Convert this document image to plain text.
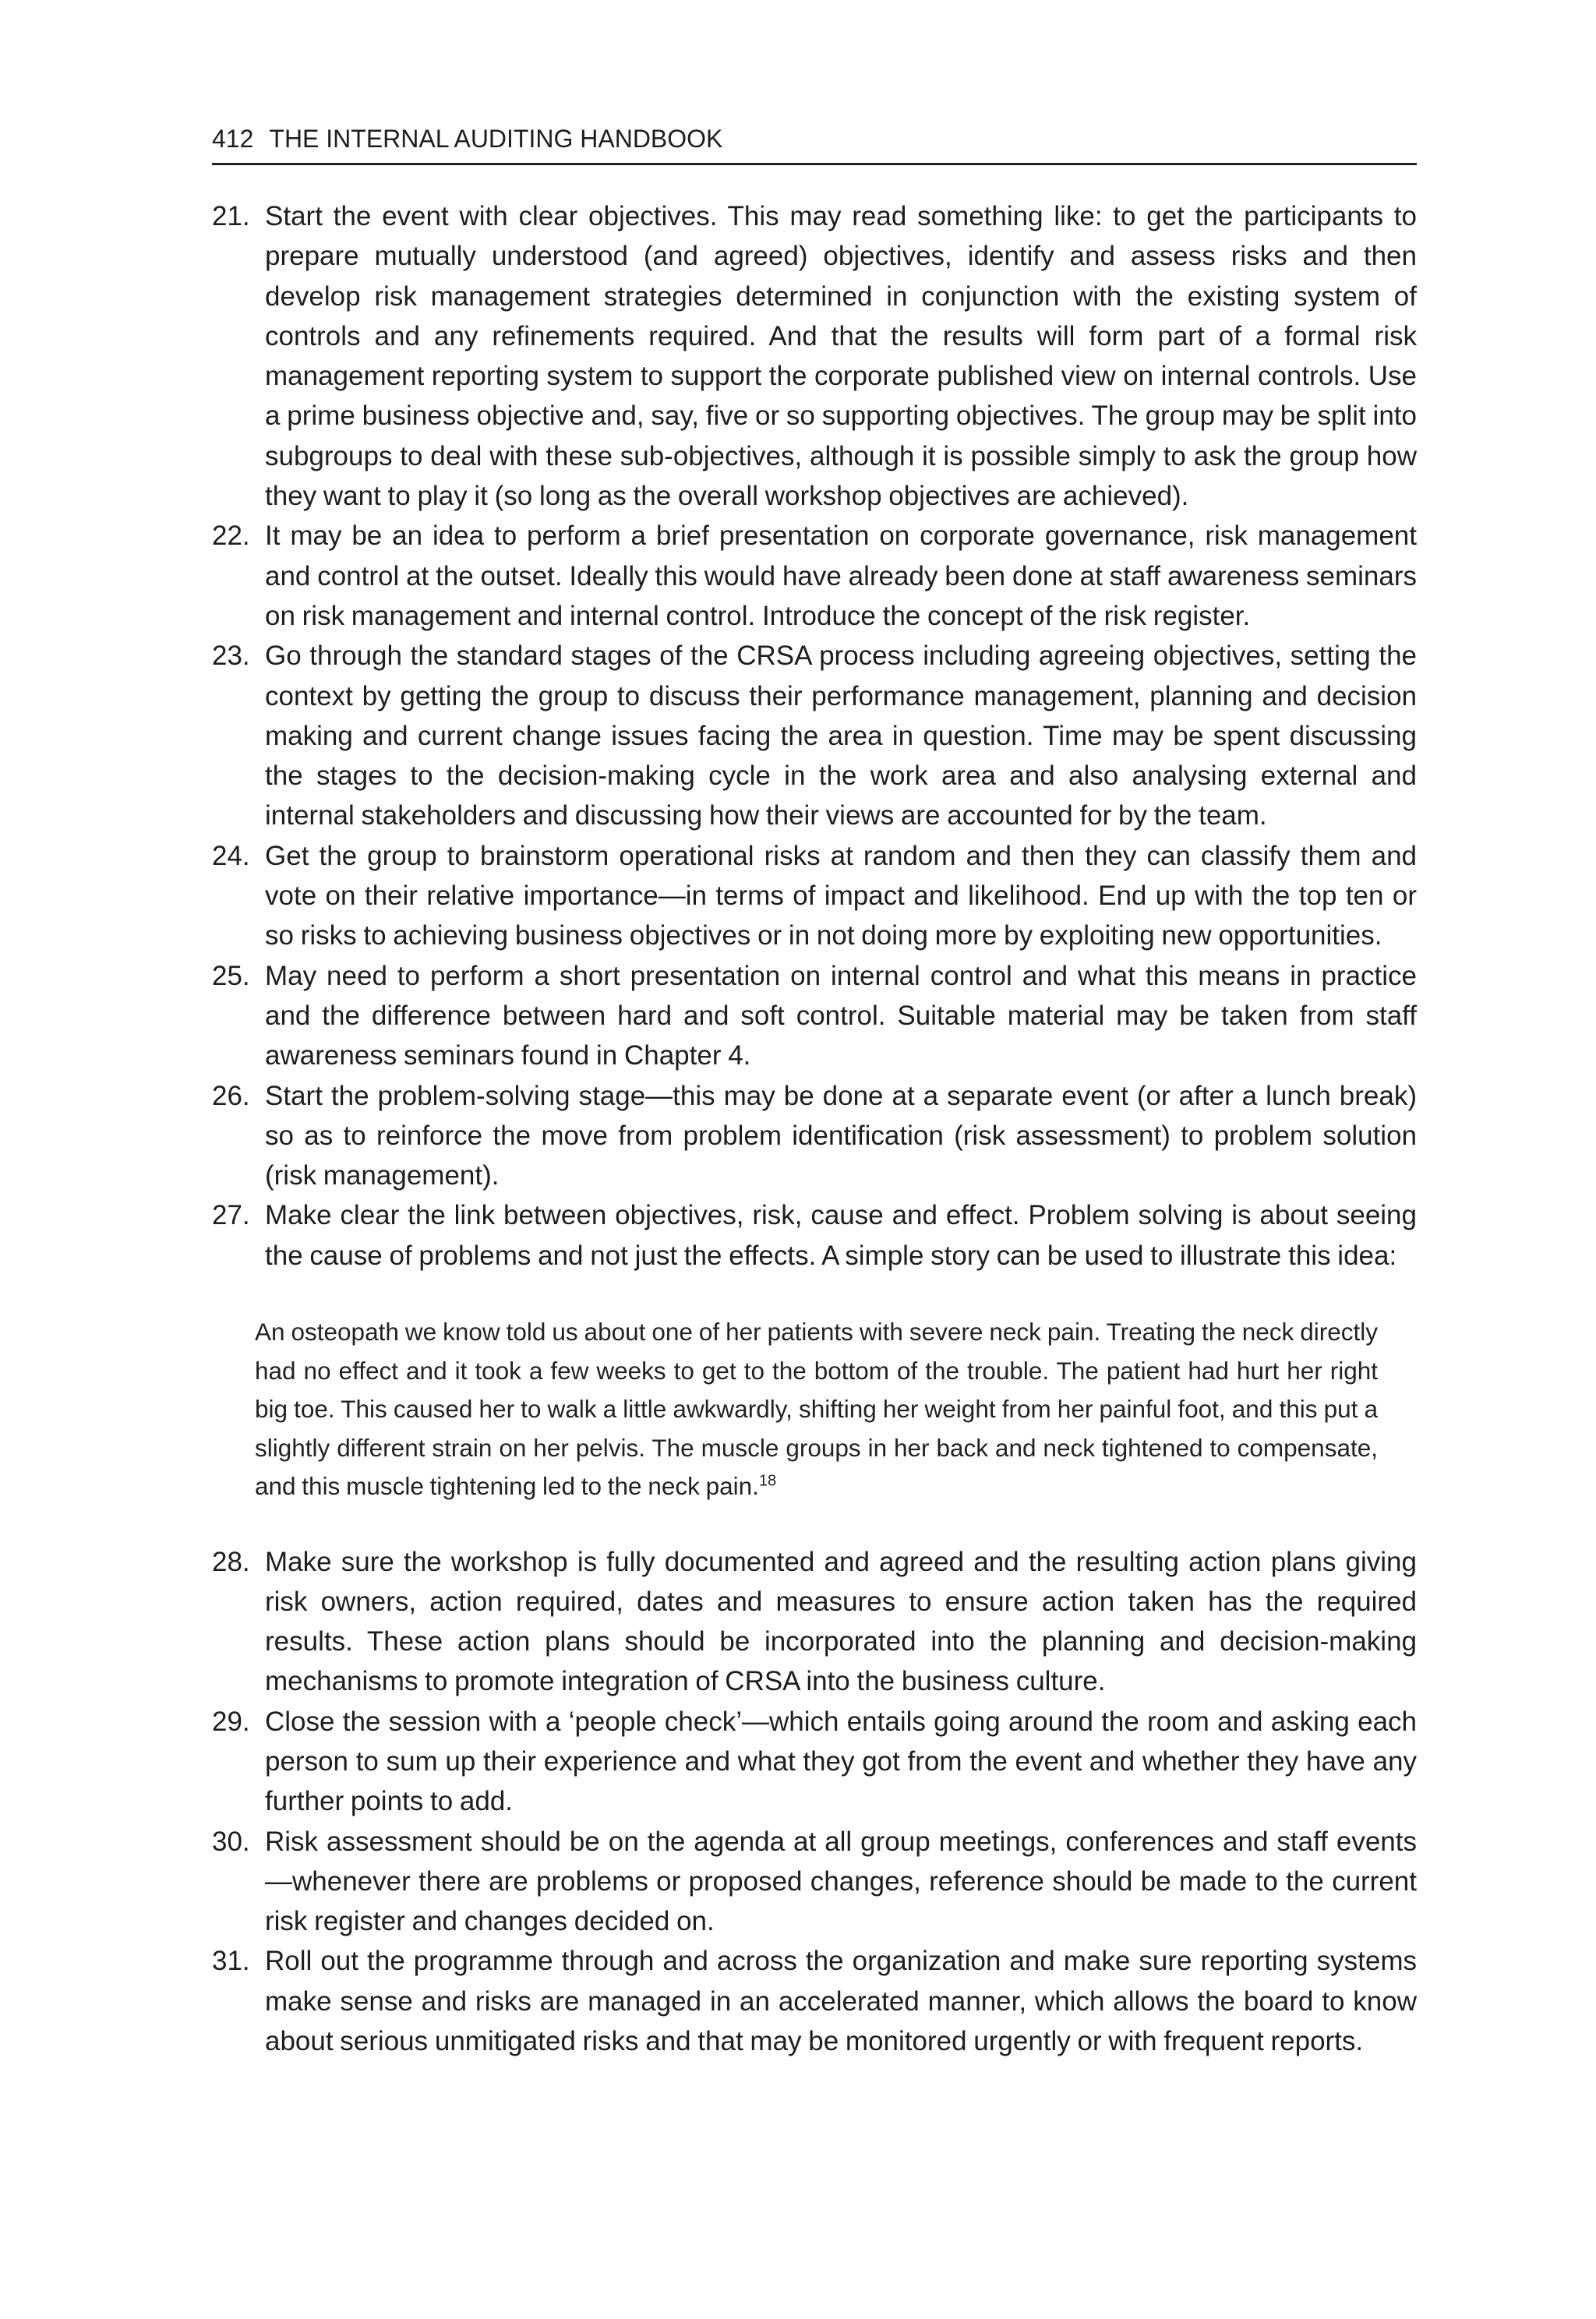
412 THE INTERNAL AUDITING HANDBOOK
21. Start the event with clear objectives. This may read something like: to get the participants to prepare mutually understood (and agreed) objectives, identify and assess risks and then develop risk management strategies determined in conjunction with the existing system of controls and any refinements required. And that the results will form part of a formal risk management reporting system to support the corporate published view on internal controls. Use a prime business objective and, say, five or so supporting objectives. The group may be split into subgroups to deal with these sub-objectives, although it is possible simply to ask the group how they want to play it (so long as the overall workshop objectives are achieved).
22. It may be an idea to perform a brief presentation on corporate governance, risk management and control at the outset. Ideally this would have already been done at staff awareness seminars on risk management and internal control. Introduce the concept of the risk register.
23. Go through the standard stages of the CRSA process including agreeing objectives, setting the context by getting the group to discuss their performance management, planning and decision making and current change issues facing the area in question. Time may be spent discussing the stages to the decision-making cycle in the work area and also analysing external and internal stakeholders and discussing how their views are accounted for by the team.
24. Get the group to brainstorm operational risks at random and then they can classify them and vote on their relative importance—in terms of impact and likelihood. End up with the top ten or so risks to achieving business objectives or in not doing more by exploiting new opportunities.
25. May need to perform a short presentation on internal control and what this means in practice and the difference between hard and soft control. Suitable material may be taken from staff awareness seminars found in Chapter 4.
26. Start the problem-solving stage—this may be done at a separate event (or after a lunch break) so as to reinforce the move from problem identification (risk assessment) to problem solution (risk management).
27. Make clear the link between objectives, risk, cause and effect. Problem solving is about seeing the cause of problems and not just the effects. A simple story can be used to illustrate this idea:
An osteopath we know told us about one of her patients with severe neck pain. Treating the neck directly had no effect and it took a few weeks to get to the bottom of the trouble. The patient had hurt her right big toe. This caused her to walk a little awkwardly, shifting her weight from her painful foot, and this put a slightly different strain on her pelvis. The muscle groups in her back and neck tightened to compensate, and this muscle tightening led to the neck pain.$^{18}$
28. Make sure the workshop is fully documented and agreed and the resulting action plans giving risk owners, action required, dates and measures to ensure action taken has the required results. These action plans should be incorporated into the planning and decision-making mechanisms to promote integration of CRSA into the business culture.
29. Close the session with a ‘people check’—which entails going around the room and asking each person to sum up their experience and what they got from the event and whether they have any further points to add.
30. Risk assessment should be on the agenda at all group meetings, conferences and staff events—whenever there are problems or proposed changes, reference should be made to the current risk register and changes decided on.
31. Roll out the programme through and across the organization and make sure reporting systems make sense and risks are managed in an accelerated manner, which allows the board to know about serious unmitigated risks and that may be monitored urgently or with frequent reports.
